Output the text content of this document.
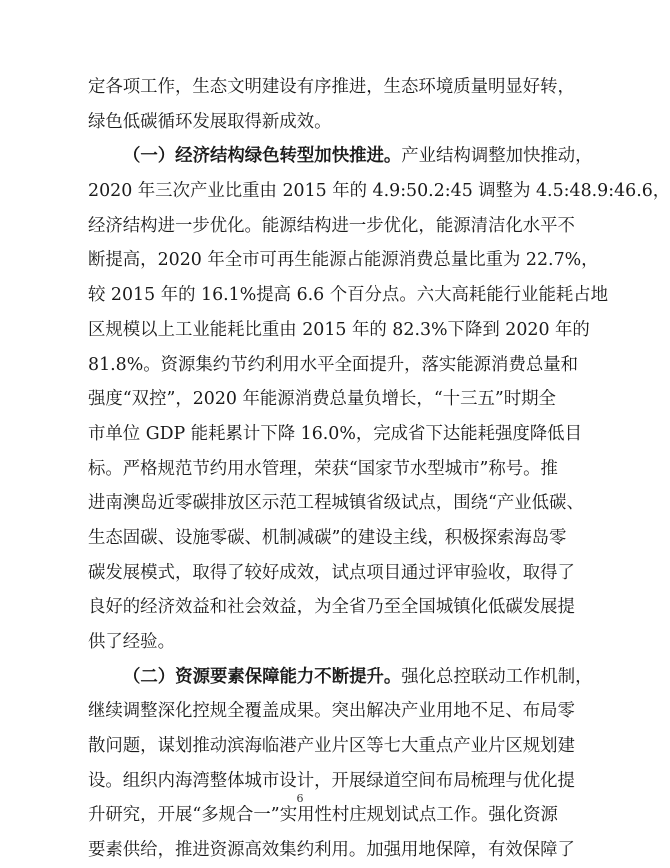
定各项工作，生态文明建设有序推进，生态环境质量明显好转，
绿色低碳循环发展取得新成效。
（一）经济结构绿色转型加快推进。产业结构调整加快推动，
2020 年三次产业比重由 2015 年的 4.9:50.2:45 调整为 4.5:48.9:46.6，
经济结构进一步优化。能源结构进一步优化，能源清洁化水平不
断提高，2020 年全市可再生能源占能源消费总量比重为 22.7%，
较 2015 年的 16.1%提高 6.6 个百分点。六大高耗能行业能耗占地
区规模以上工业能耗比重由 2015 年的 82.3%下降到 2020 年的
81.8%。资源集约节约利用水平全面提升，落实能源消费总量和
强度“双控”，2020 年能源消费总量负增长，“十三五”时期全
市单位 GDP 能耗累计下降 16.0%，完成省下达能耗强度降低目
标。严格规范节约用水管理，荣获“国家节水型城市”称号。推
进南澳岛近零碳排放区示范工程城镇省级试点，围绕“产业低碳、
生态固碳、设施零碳、机制减碳”的建设主线，积极探索海岛零
碳发展模式，取得了较好成效，试点项目通过评审验收，取得了
良好的经济效益和社会效益，为全省乃至全国城镇化低碳发展提
供了经验。
（二）资源要素保障能力不断提升。强化总控联动工作机制，
继续调整深化控规全覆盖成果。突出解决产业用地不足、布局零
散问题，谋划推动滨海临港产业片区等七大重点产业片区规划建
设。组织内海湾整体城市设计，开展绿道空间布局梳理与优化提
升研究，开展“多规合一”实用性村庄规划试点工作。强化资源
要素供给，推进资源高效集约利用。加强用地保障，有效保障了
6
